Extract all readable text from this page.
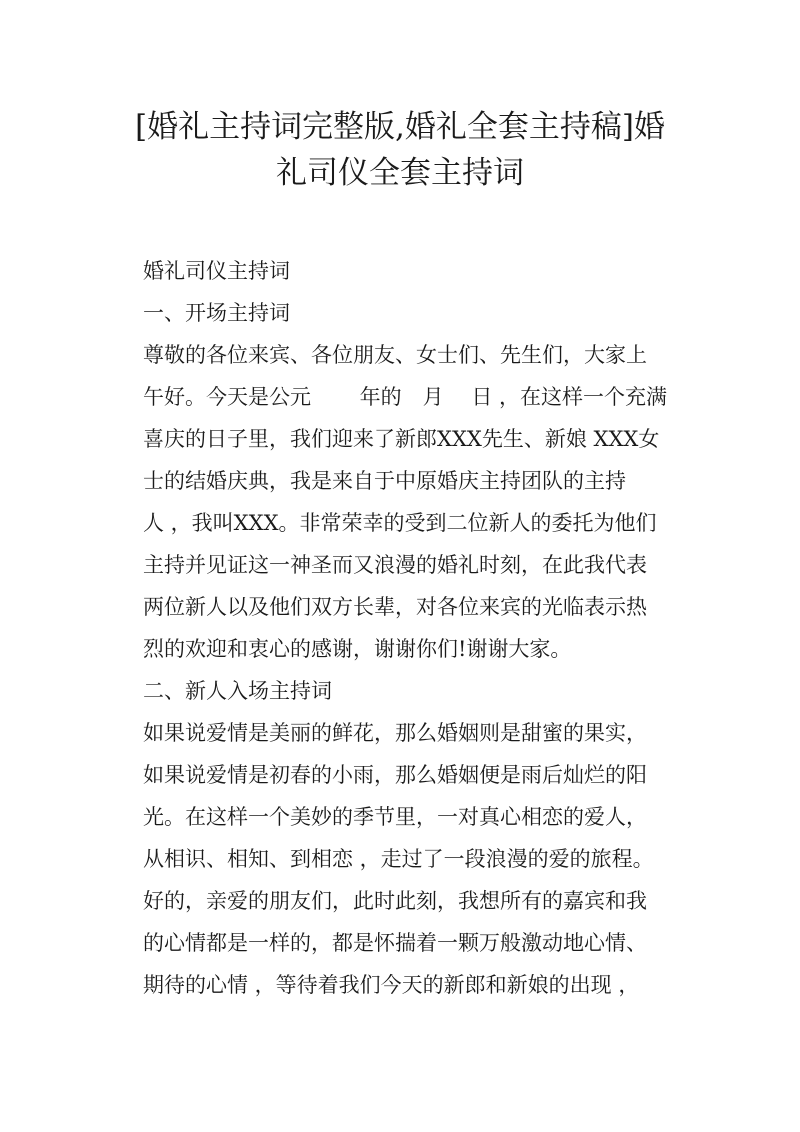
[婚礼主持词完整版,婚礼全套主持稿]婚
礼司仪全套主持词
婚礼司仪主持词
一、开场主持词
尊敬的各位来宾、各位朋友、女士们、先生们，大家上
午好。今天是公元　　 年的　月　 日 ，在这样一个充满
喜庆的日子里，我们迎来了新郎XXX先生、新娘 XXX女
士的结婚庆典，我是来自于中原婚庆主持团队的主持
人 ，我叫XXX。非常荣幸的受到二位新人的委托为他们
主持并见证这一神圣而又浪漫的婚礼时刻，在此我代表
两位新人以及他们双方长辈，对各位来宾的光临表示热
烈的欢迎和衷心的感谢，谢谢你们!谢谢大家。
二、新人入场主持词
如果说爱情是美丽的鲜花，那么婚姻则是甜蜜的果实，
如果说爱情是初春的小雨，那么婚姻便是雨后灿烂的阳
光。在这样一个美妙的季节里，一对真心相恋的爱人，
从相识、相知、到相恋 ，走过了一段浪漫的爱的旅程。
好的，亲爱的朋友们，此时此刻，我想所有的嘉宾和我
的心情都是一样的，都是怀揣着一颗万般激动地心情、
期待的心情 ，等待着我们今天的新郎和新娘的出现 ，
